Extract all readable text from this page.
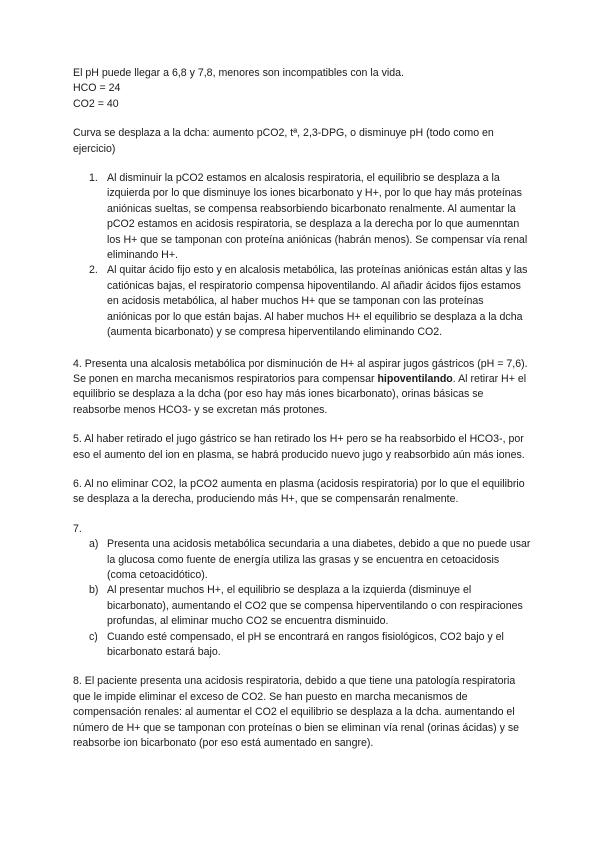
El pH puede llegar a 6,8 y 7,8, menores son incompatibles con la vida.

HCO = 24

CO2 = 40

Curva se desplaza a la dcha: aumento pCO2, tª, 2,3-DPG, o disminuye pH (todo como en ejercicio)

1. Al disminuir la pCO2 estamos en alcalosis respiratoria, el equilibrio se desplaza a la izquierda por lo que disminuye los iones bicarbonato y H+, por lo que hay más proteínas aniónicas sueltas, se compensa reabsorbiendo bicarbonato renalmente. Al aumentar la pCO2 estamos en acidosis respiratoria, se desplaza a la derecha por lo que aumenntan los H+ que se tamponan con proteína aniónicas (habrán menos). Se compensar vía renal eliminando H+.
2. Al quitar ácido fijo esto y en alcalosis metabólica, las proteínas aniónicas están altas y las catiónicas bajas, el respiratorio compensa hipoventilando. Al añadir ácidos fijos estamos en acidosis metabólica, al haber muchos H+ que se tamponan con las proteínas aniónicas por lo que están bajas. Al haber muchos H+ el equilibrio se desplaza a la dcha (aumenta bicarbonato) y se compresa hiperventilando eliminando CO2.

4. Presenta una alcalosis metabólica por disminución de H+ al aspirar jugos gástricos (pH = 7,6). Se ponen en marcha mecanismos respiratorios para compensar hipoventilando. Al retirar H+ el equilibrio se desplaza a la dcha (por eso hay más iones bicarbonato), orinas básicas se reabsorbe menos HCO3- y se excretan más protones.

5. Al haber retirado el jugo gástrico se han retirado los H+ pero se ha reabsorbido el HCO3-, por eso el aumento del ion en plasma, se habrá producido nuevo jugo y reabsorbido aún más iones.

6. Al no eliminar CO2, la pCO2 aumenta en plasma (acidosis respiratoria) por lo que el equilibrio se desplaza a la derecha, produciendo más H+, que se compensarán renalmente.

7.

a) Presenta una acidosis metabólica secundaria a una diabetes, debido a que no puede usar la glucosa como fuente de energía utiliza las grasas y se encuentra en cetoacidosis (coma cetoacidótico).
b) Al presentar muchos H+, el equilibrio se desplaza a la izquierda (disminuye el bicarbonato), aumentando el CO2 que se compensa hiperventilando o con respiraciones profundas, al eliminar mucho CO2 se encuentra disminuido.
c) Cuando esté compensado, el pH se encontrará en rangos fisiológicos, CO2 bajo y el bicarbonato estará bajo.

8. El paciente presenta una acidosis respiratoria, debido a que tiene una patología respiratoria que le impide eliminar el exceso de CO2. Se han puesto en marcha mecanismos de compensación renales: al aumentar el CO2 el equilibrio se desplaza a la dcha. aumentando el número de H+ que se tamponan con proteínas o bien se eliminan vía renal (orinas ácidas) y se reabsorbe ion bicarbonato (por eso está aumentado en sangre).
